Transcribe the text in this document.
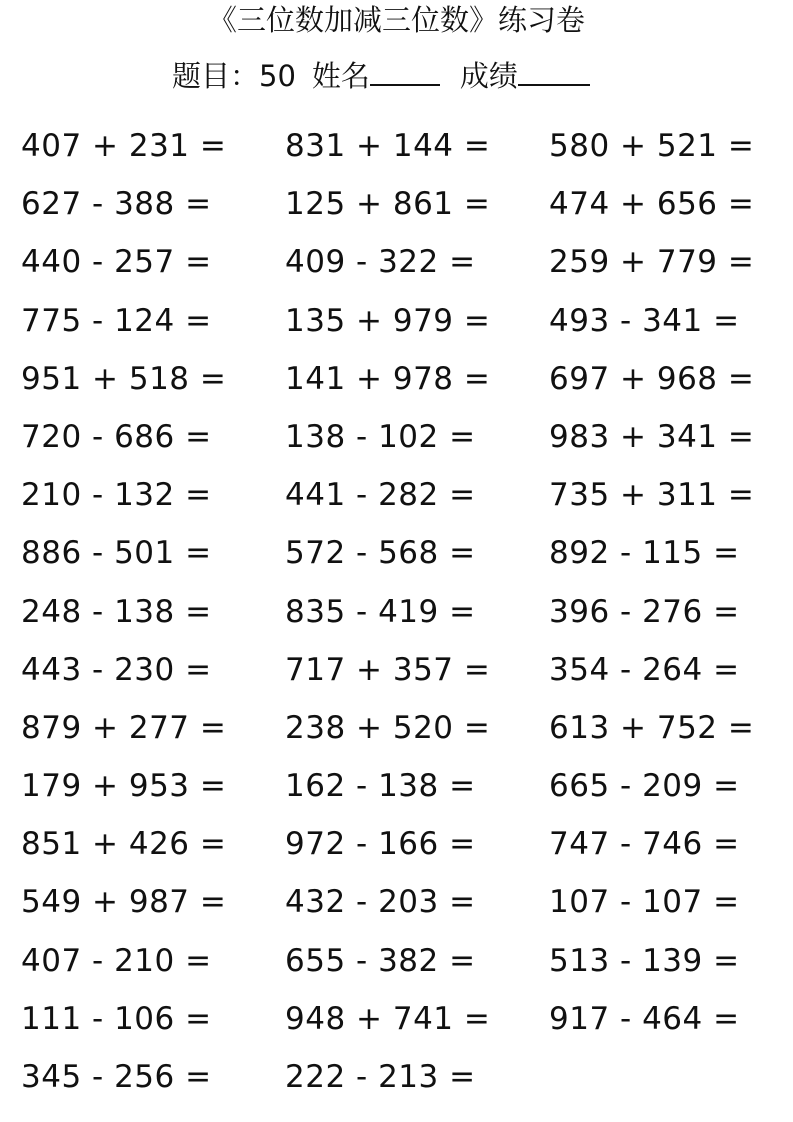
《三位数加减三位数》练习卷
题目：50 姓名	成绩
407 + 231 =	831 + 144 =	580 + 521 =
627 - 388 =	125 + 861 =	474 + 656 =
440 - 257 =	409 - 322 =	259 + 779 =
775 - 124 =	135 + 979 =	493 - 341 =
951 + 518 =	141 + 978 =	697 + 968 =
720 - 686 =	138 - 102 =	983 + 341 =
210 - 132 =	441 - 282 =	735 + 311 =
886 - 501 =	572 - 568 =	892 - 115 =
248 - 138 =	835 - 419 =	396 - 276 =
443 - 230 =	717 + 357 =	354 - 264 =
879 + 277 =	238 + 520 =	613 + 752 =
179 + 953 =	162 - 138 =	665 - 209 =
851 + 426 =	972 - 166 =	747 - 746 =
549 + 987 =	432 - 203 =	107 - 107 =
407 - 210 =	655 - 382 =	513 - 139 =
111 - 106 =	948 + 741 =	917 - 464 =
345 - 256 =	222 - 213 =
